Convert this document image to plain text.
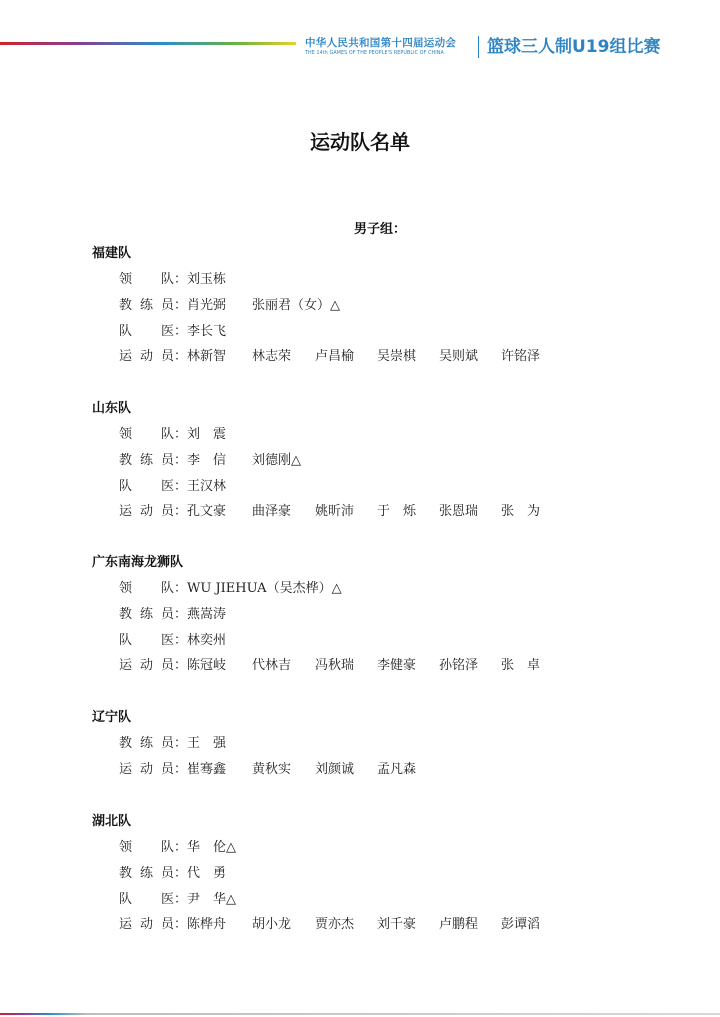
中华人民共和国第十四届运动会
THE 14th GAMES OF THE PEOPLE'S REPUBLIC OF CHINA	篮球三人制U19组比赛
运动队名单
男子组：
福建队
领队 ： 刘玉栋
教练员 ： 肖光弼 张丽君（女）△
队医 ： 李长飞
运动员 ： 林新智 林志荣 卢昌榆 吴崇棋 吴则斌 许铭泽
山东队
领队 ： 刘　震
教练员 ： 李　信 刘德刚△
队医 ： 王汉林
运动员 ： 孔文豪 曲泽豪 姚昕沛 于　烁 张恩瑞 张　为
广东南海龙狮队
领队 ： WU JIEHUA（吴杰桦）△
教练员 ： 燕嵩涛
队医 ： 林奕州
运动员 ： 陈冠岐 代林吉 冯秋瑞 李健豪 孙铭泽 张　卓
辽宁队
教练员 ： 王　强
运动员 ： 崔骞鑫 黄秋实 刘颜诚 孟凡森
湖北队
领队 ： 华　伦△
教练员 ： 代　勇
队医 ： 尹　华△
运动员 ： 陈桦舟 胡小龙 贾亦杰 刘千豪 卢鹏程 彭谭滔
